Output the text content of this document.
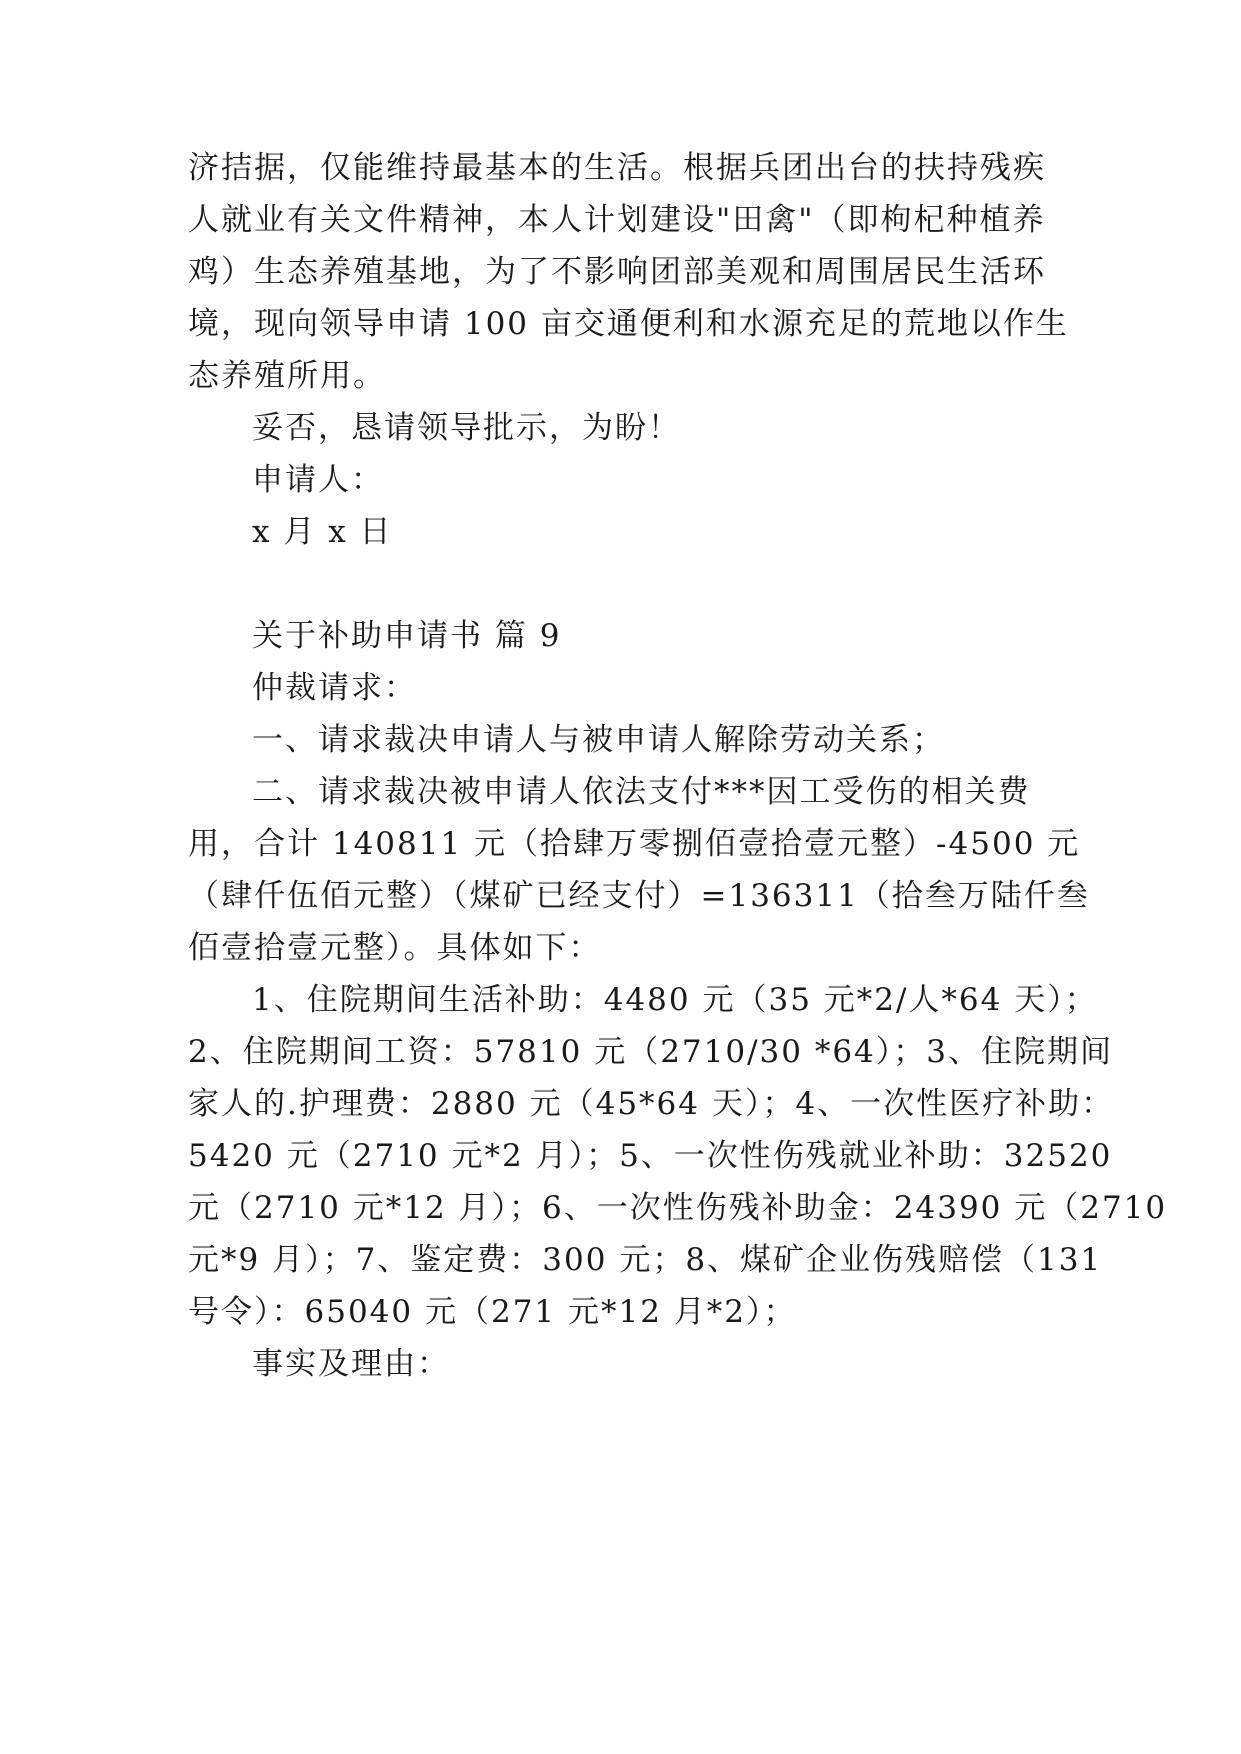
济拮据，仅能维持最基本的生活。根据兵团出台的扶持残疾
人就业有关文件精神，本人计划建设"田禽"（即枸杞种植养
鸡）生态养殖基地，为了不影响团部美观和周围居民生活环
境，现向领导申请 100 亩交通便利和水源充足的荒地以作生
态养殖所用。
妥否，恳请领导批示，为盼！
申请人：
x 月 x 日
关于补助申请书 篇 9
仲裁请求：
一、请求裁决申请人与被申请人解除劳动关系；
二、请求裁决被申请人依法支付***因工受伤的相关费
用，合计 140811 元（拾肆万零捌佰壹拾壹元整）-4500 元
（肆仟伍佰元整）（煤矿已经支付）=136311（拾叁万陆仟叁
佰壹拾壹元整）。具体如下：
1、住院期间生活补助：4480 元（35 元*2/人*64 天）；
2、住院期间工资：57810 元（2710/30 *64）；3、住院期间
家人的.护理费：2880 元（45*64 天）；4、一次性医疗补助：
5420 元（2710 元*2 月）；5、一次性伤残就业补助：32520
元（2710 元*12 月）；6、一次性伤残补助金：24390 元（2710
元*9 月）；7、鉴定费：300 元；8、煤矿企业伤残赔偿（131
号令）：65040 元（271 元*12 月*2）；
事实及理由：
